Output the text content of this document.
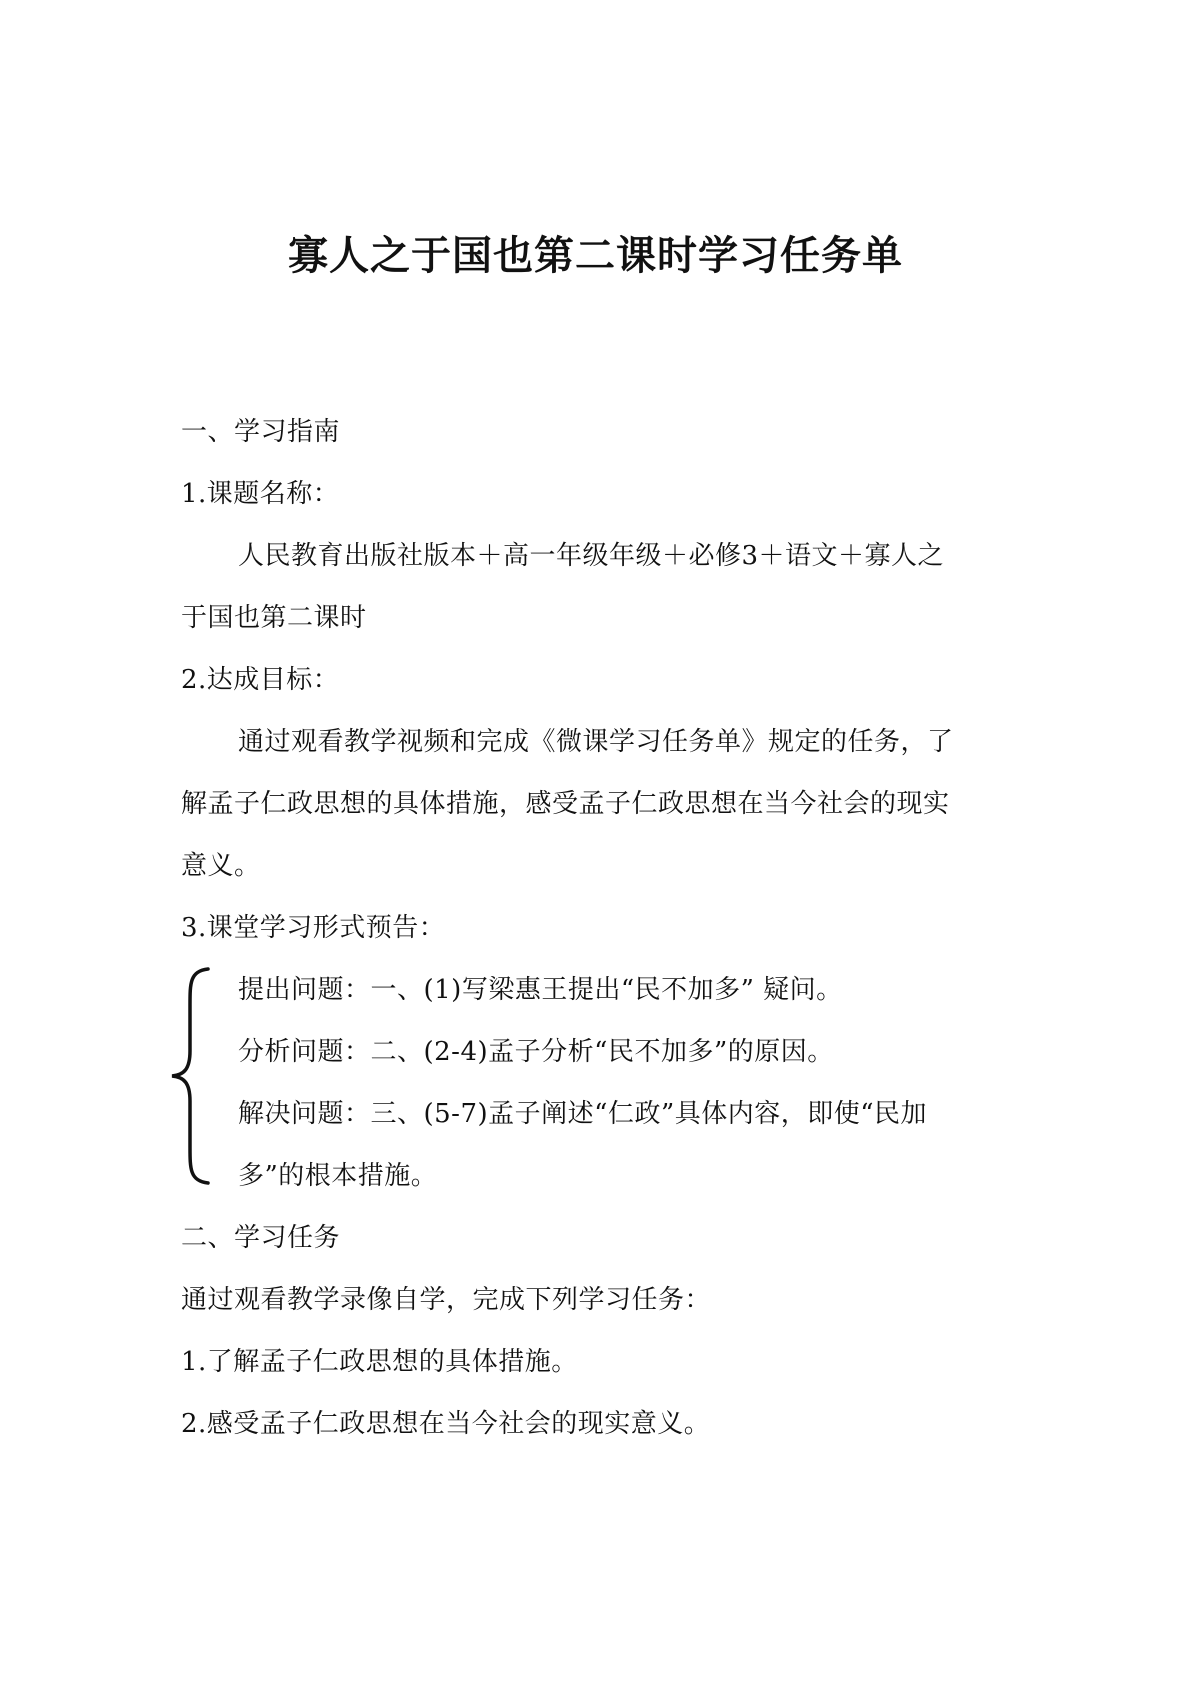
寡人之于国也第二课时学习任务单
一、学习指南
1.课题名称：
人民教育出版社版本＋高一年级年级＋必修3＋语文＋寡人之
于国也第二课时
2.达成目标：
通过观看教学视频和完成《微课学习任务单》规定的任务，了
解孟子仁政思想的具体措施，感受孟子仁政思想在当今社会的现实
意义。
3.课堂学习形式预告：
提出问题：一、(1)写梁惠王提出“民不加多” 疑问。
分析问题：二、(2-4)孟子分析“民不加多”的原因。
解决问题：三、(5-7)孟子阐述“仁政”具体内容，即使“民加
多”的根本措施。
二、学习任务
通过观看教学录像自学，完成下列学习任务：
1.了解孟子仁政思想的具体措施。
2.感受孟子仁政思想在当今社会的现实意义。
